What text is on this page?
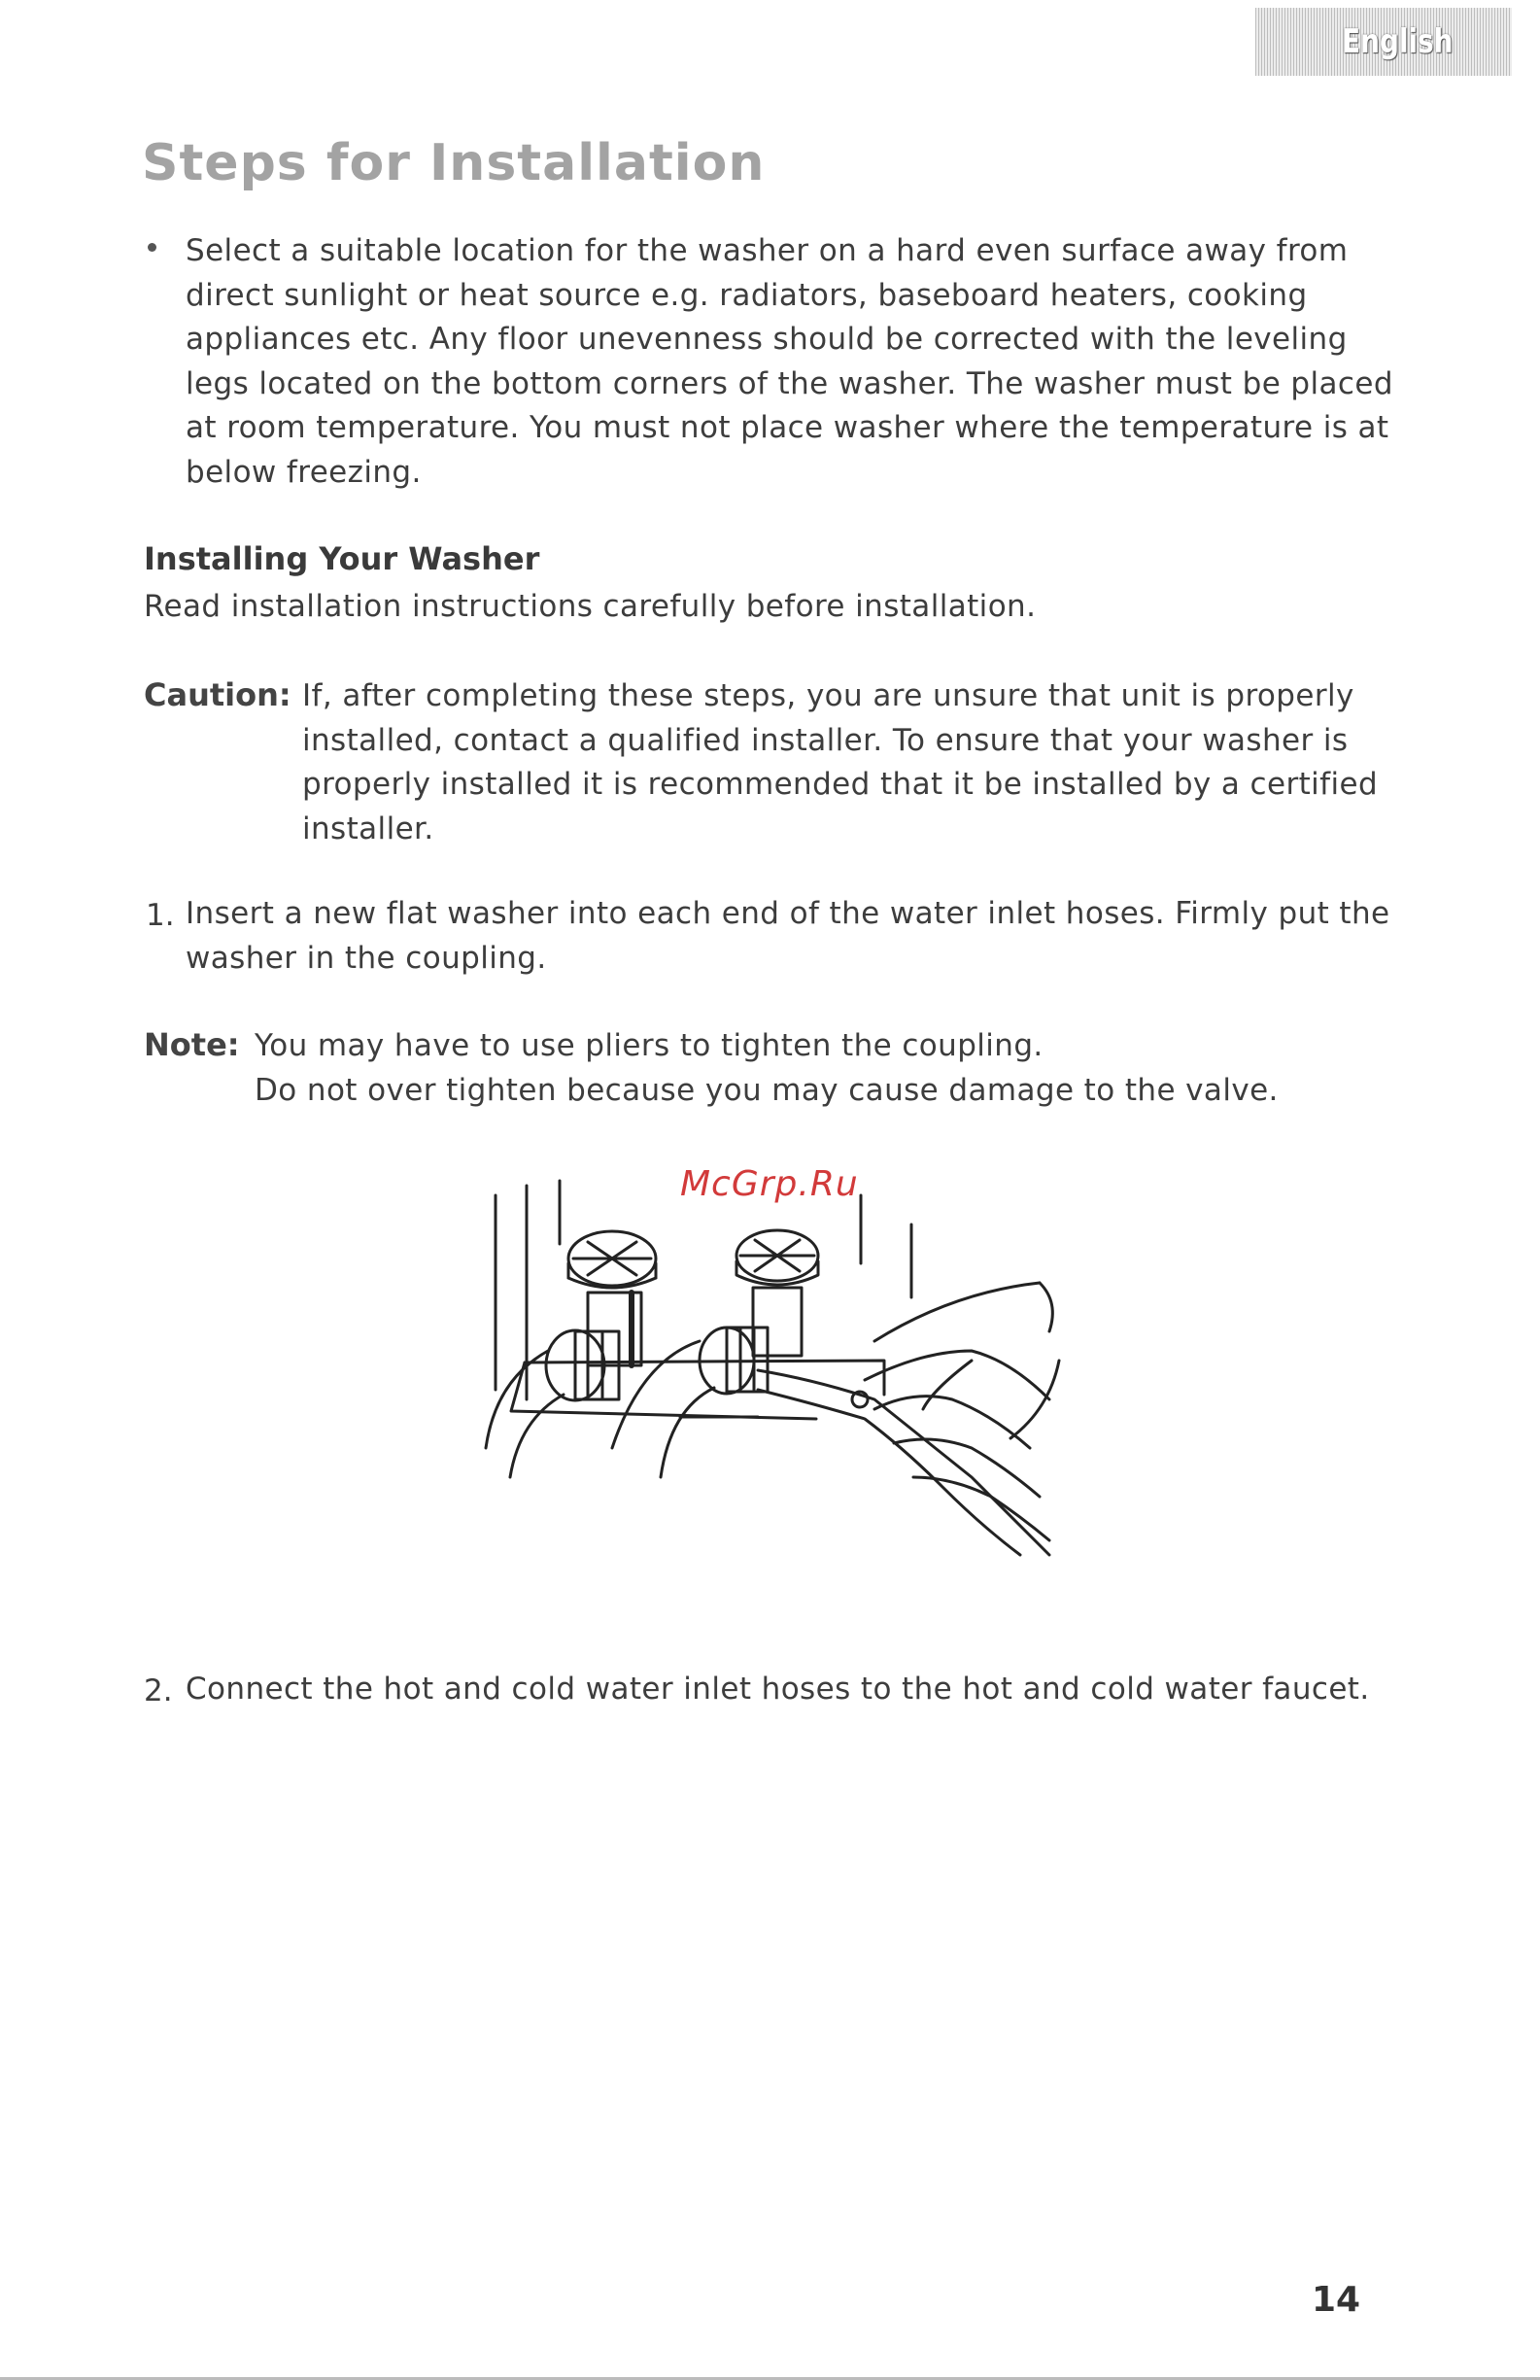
English
Steps for Installation
Select a suitable location for the washer on a hard even surface away from
direct sunlight or heat source e.g. radiators, baseboard heaters, cooking
appliances etc. Any floor unevenness should be corrected with the leveling
legs located on the bottom corners of the washer. The washer must be placed
at room temperature. You must not place washer where the temperature is at
below freezing.
Installing Your Washer
Read installation instructions carefully before installation.
Caution: If, after completing these steps, you are unsure that unit is properly
installed, contact a qualified installer. To ensure that your washer is
properly installed it is recommended that it be installed by a certified
installer.
1. Insert a new flat washer into each end of the water inlet hoses. Firmly put the
washer in the coupling.
Note: You may have to use pliers to tighten the coupling.
Do not over tighten because you may cause damage to the valve.
McGrp.Ru
2. Connect the hot and cold water inlet hoses to the hot and cold water faucet.
14
